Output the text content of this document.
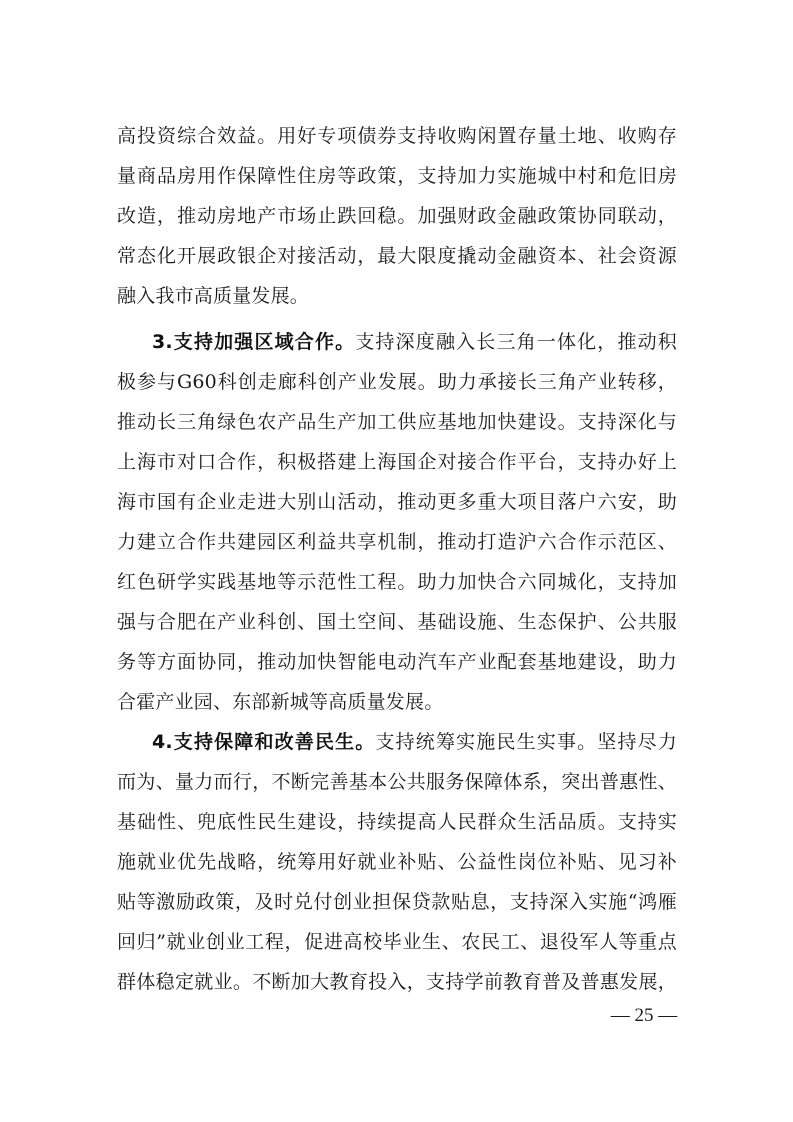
高投资综合效益。用好专项债券支持收购闲置存量土地、收购存
量商品房用作保障性住房等政策，支持加力实施城中村和危旧房
改造，推动房地产市场止跌回稳。加强财政金融政策协同联动，
常态化开展政银企对接活动，最大限度撬动金融资本、社会资源
融入我市高质量发展。
3.支持加强区域合作。支持深度融入长三角一体化，推动积
极参与G60科创走廊科创产业发展。助力承接长三角产业转移，
推动长三角绿色农产品生产加工供应基地加快建设。支持深化与
上海市对口合作，积极搭建上海国企对接合作平台，支持办好上
海市国有企业走进大别山活动，推动更多重大项目落户六安，助
力建立合作共建园区利益共享机制，推动打造沪六合作示范区、
红色研学实践基地等示范性工程。助力加快合六同城化，支持加
强与合肥在产业科创、国土空间、基础设施、生态保护、公共服
务等方面协同，推动加快智能电动汽车产业配套基地建设，助力
合霍产业园、东部新城等高质量发展。
4.支持保障和改善民生。支持统筹实施民生实事。坚持尽力
而为、量力而行，不断完善基本公共服务保障体系，突出普惠性、
基础性、兜底性民生建设，持续提高人民群众生活品质。支持实
施就业优先战略，统筹用好就业补贴、公益性岗位补贴、见习补
贴等激励政策，及时兑付创业担保贷款贴息，支持深入实施“鸿雁
回归”就业创业工程，促进高校毕业生、农民工、退役军人等重点
群体稳定就业。不断加大教育投入，支持学前教育普及普惠发展，
— 25 —
